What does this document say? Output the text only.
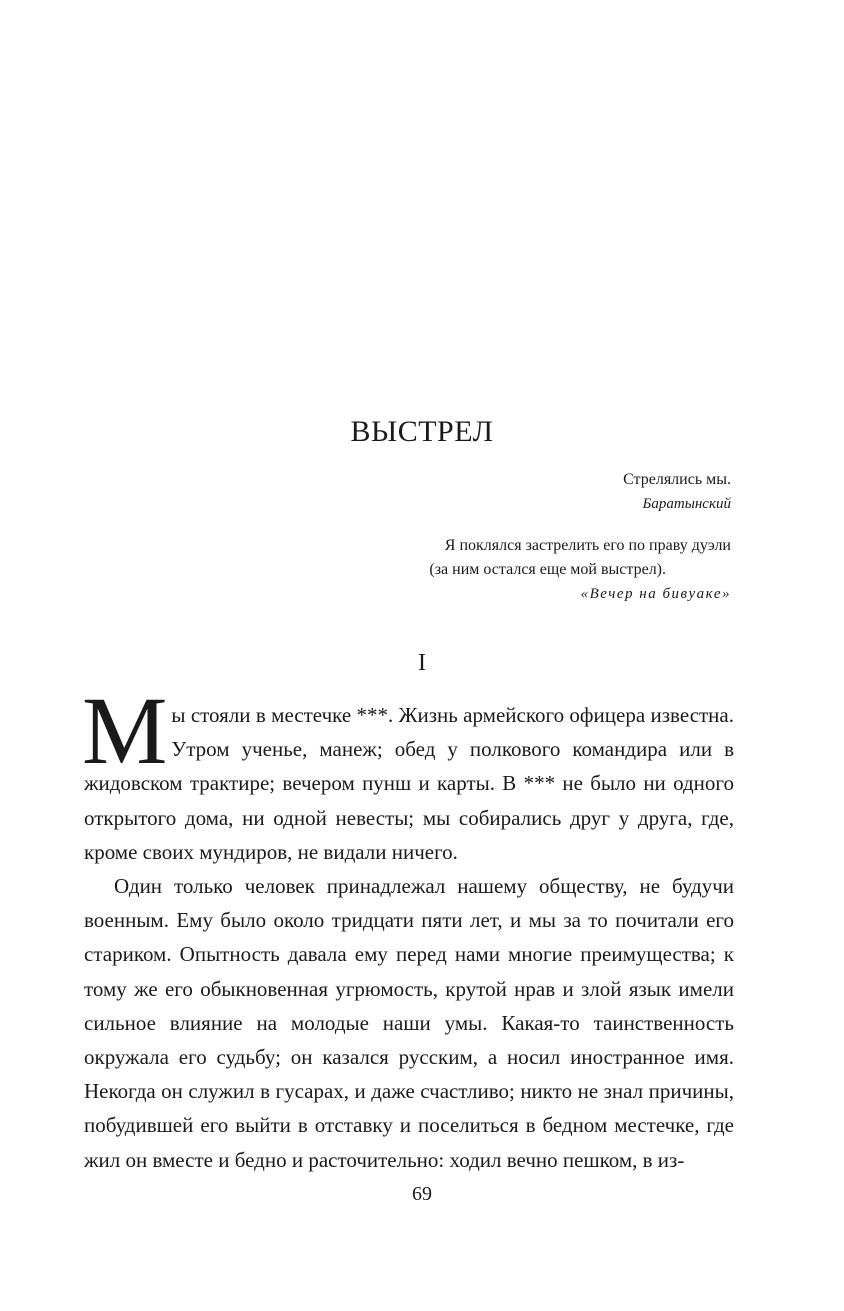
ВЫСТРЕЛ
Стрелялись мы.
Баратынский
Я поклялся застрелить его по праву дуэли
(за ним остался еще мой выстрел).
«Вечер на бивуаке»
I

Мы стояли в местечке ***. Жизнь армейского офицера известна. Утром ученье, манеж; обед у полкового командира или в жидовском трактире; вечером пунш и карты. В *** не было ни одного открытого дома, ни одной невесты; мы собирались друг у друга, где, кроме своих мундиров, не видали ничего.

Один только человек принадлежал нашему обществу, не будучи военным. Ему было около тридцати пяти лет, и мы за то почитали его стариком. Опытность давала ему перед нами многие преимущества; к тому же его обыкновенная угрюмость, крутой нрав и злой язык имели сильное влияние на молодые наши умы. Какая-то таинственность окружала его судьбу; он казался русским, а носил иностранное имя. Некогда он служил в гусарах, и даже счастливо; никто не знал причины, побудившей его выйти в отставку и поселиться в бедном местечке, где жил он вместе и бедно и расточительно: ходил вечно пешком, в из-

69
